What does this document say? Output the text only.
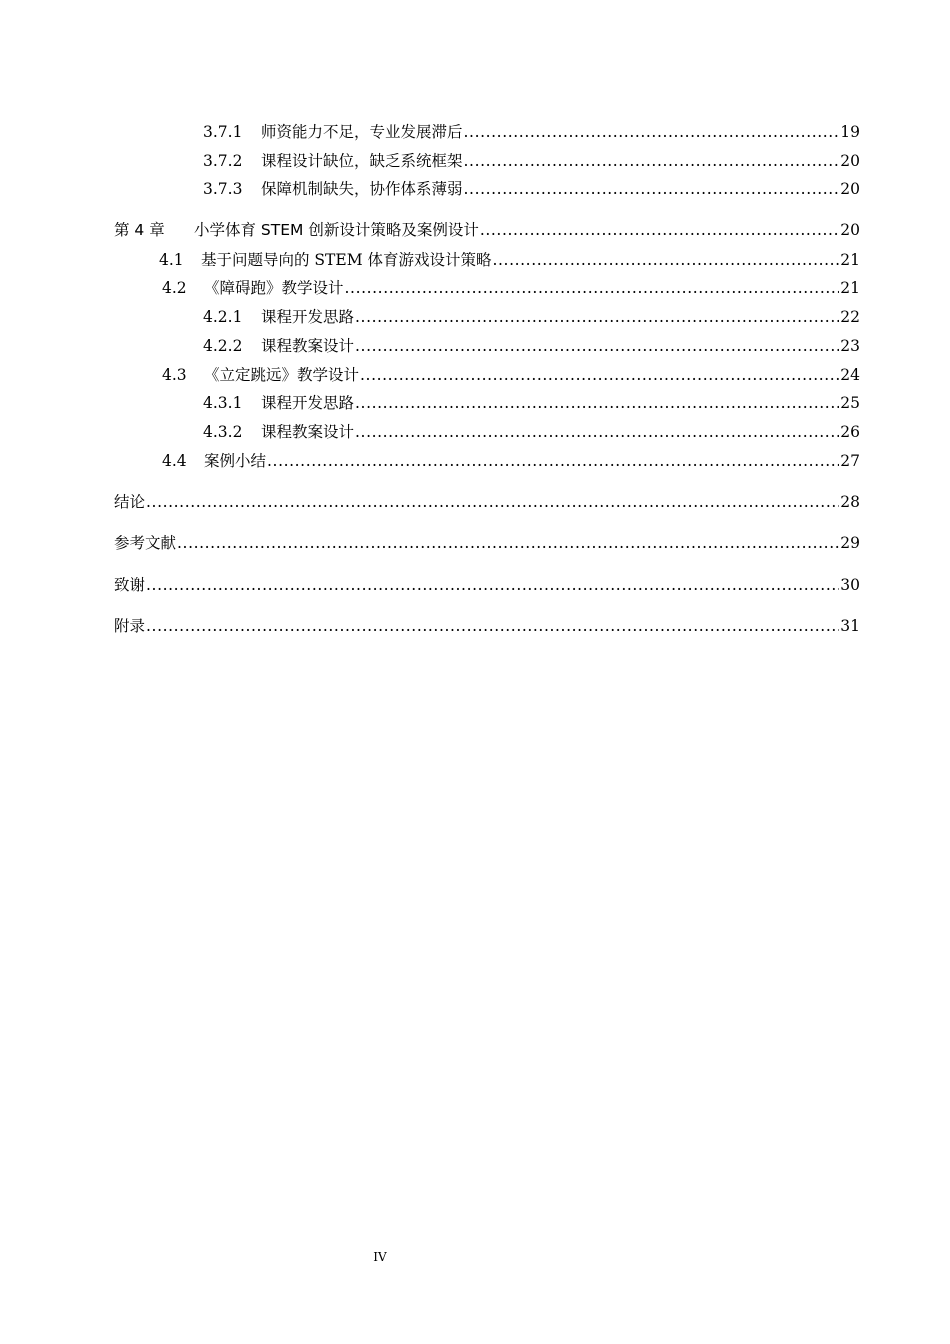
3.7.1	师资能力不足，专业发展滞后 .....	19
3.7.2	课程设计缺位，缺乏系统框架 .....	20
3.7.3	保障机制缺失，协作体系薄弱 .....	20
第 4 章	小学体育 STEM 创新设计策略及案例设计 .....	20
4.1	基于问题导向的 STEM 体育游戏设计策略 .....	21
4.2	《障碍跑》教学设计 .....	21
4.2.1	课程开发思路 .....	22
4.2.2	课程教案设计 .....	23
4.3	《立定跳远》教学设计 .....	24
4.3.1	课程开发思路 .....	25
4.3.2	课程教案设计 .....	26
4.4	案例小结 .....	27
结论 .....	28
参考文献 .....	29
致谢 .....	30
附录 .....	31
IV
